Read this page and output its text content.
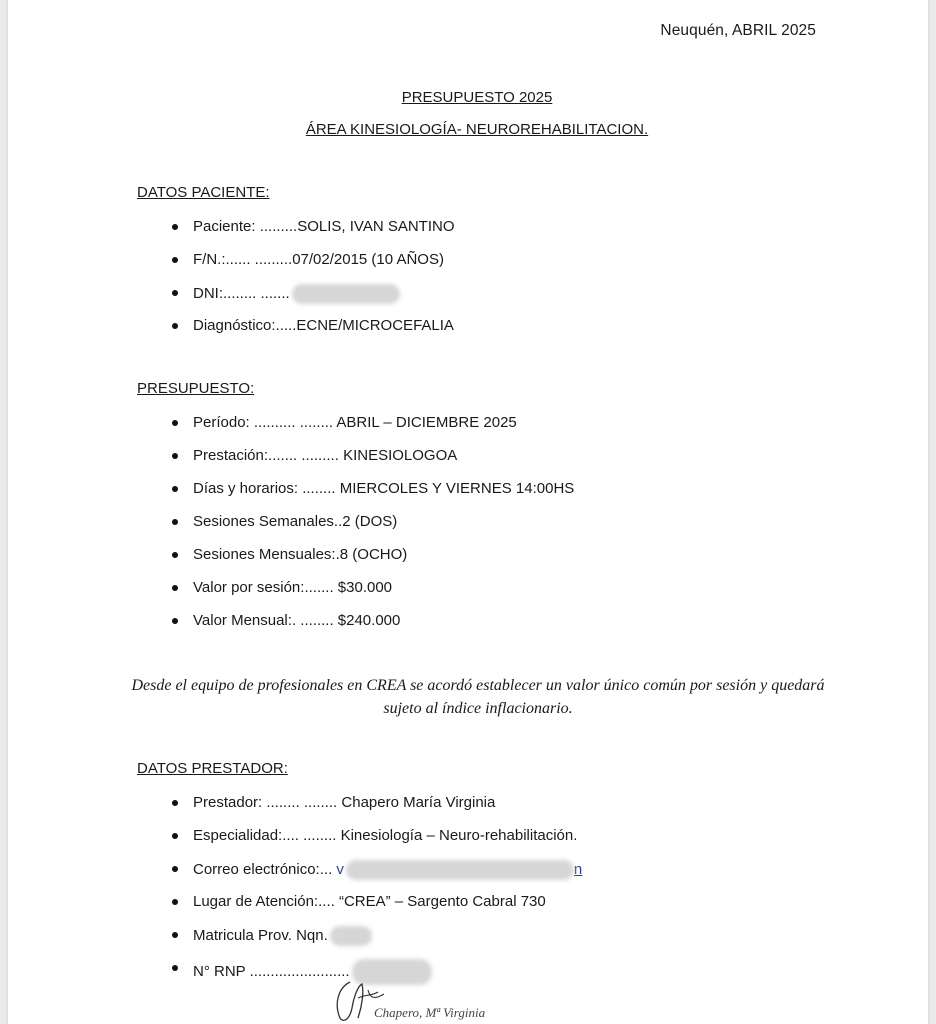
Neuquén, ABRIL 2025
PRESUPUESTO 2025
ÁREA KINESIOLOGÍA- NEUROREHABILITACION.
DATOS PACIENTE:
Paciente: .........SOLIS, IVAN SANTINO
F/N.:...... .........07/02/2015 (10 AÑOS)
DNI:........ .......
Diagnóstico:.....ECNE/MICROCEFALIA
PRESUPUESTO:
Período: .......... ........ ABRIL – DICIEMBRE 2025
Prestación:....... ......... KINESIOLOGOA
Días y horarios: ........ MIERCOLES Y VIERNES 14:00HS
Sesiones Semanales..2 (DOS)
Sesiones Mensuales:.8 (OCHO)
Valor por sesión:....... $30.000
Valor Mensual:. ........ $240.000
Desde el equipo de profesionales en CREA se acordó establecer un valor único común por sesión y quedará sujeto al índice inflacionario.
DATOS PRESTADOR:
Prestador: ........ ........ Chapero María Virginia
Especialidad:.... ........ Kinesiología – Neuro-rehabilitación.
Correo electrónico:... v	n
Lugar de Atención:.... “CREA” – Sargento Cabral 730
Matricula Prov. Nqn.
N° RNP ........................
Chapero, Mª Virginia
